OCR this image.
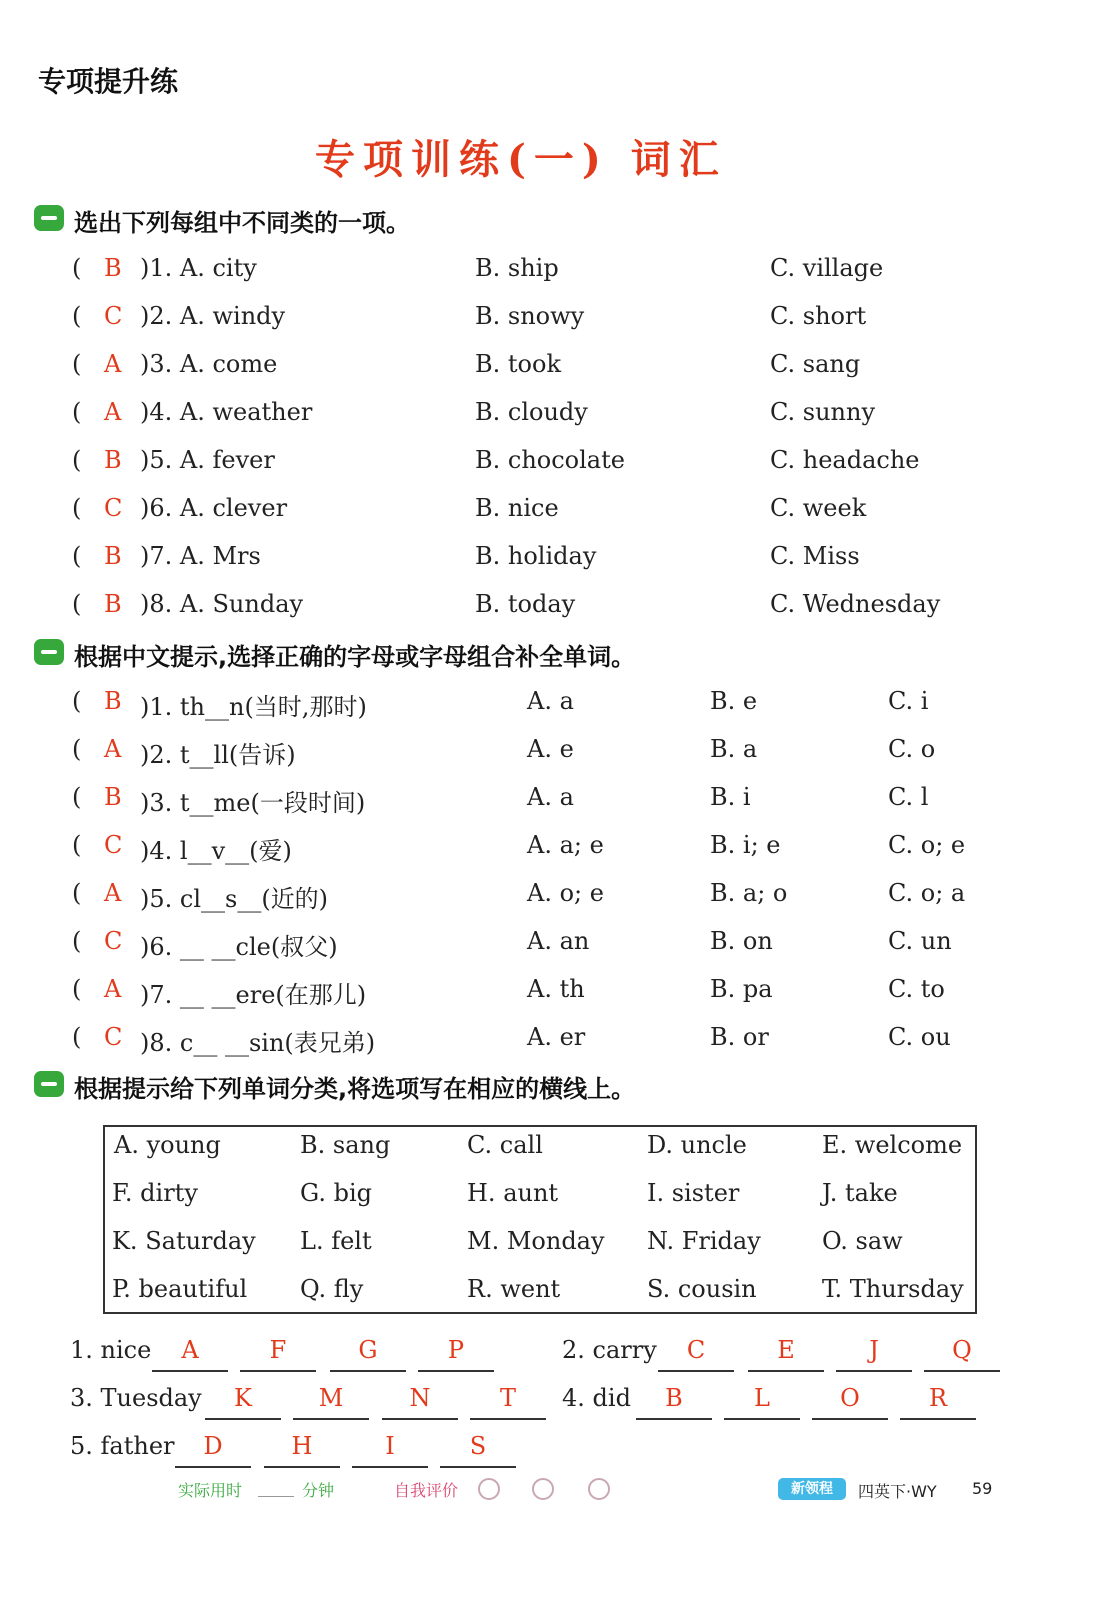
专项提升练
专项训练(一) 词汇
选出下列每组中不同类的一项。
( B )1. A. city	B. ship	C. village
( C )2. A. windy	B. snowy	C. short
( A )3. A. come	B. took	C. sang
( A )4. A. weather	B. cloudy	C. sunny
( B )5. A. fever	B. chocolate	C. headache
( C )6. A. clever	B. nice	C. week
( B )7. A. Mrs	B. holiday	C. Miss
( B )8. A. Sunday	B. today	C. Wednesday
根据中文提示,选择正确的字母或字母组合补全单词。
( B )1. th__n(当时,那时)	A. a	B. e	C. i
( A )2. t__ll(告诉)	A. e	B. a	C. o
( B )3. t__me(一段时间)	A. a	B. i	C. l
( C )4. l__v__(爱)	A. a; e	B. i; e	C. o; e
( A )5. cl__s__(近的)	A. o; e	B. a; o	C. o; a
( C )6. __ __cle(叔父)	A. an	B. on	C. un
( A )7. __ __ere(在那儿)	A. th	B. pa	C. to
( C )8. c__ __sin(表兄弟)	A. er	B. or	C. ou
根据提示给下列单词分类,将选项写在相应的横线上。
A. young	B. sang	C. call	D. uncle	E. welcome
F. dirty	G. big	H. aunt	I. sister	J. take
K. Saturday L. felt	M. Monday N. Friday	O. saw
P. beautiful Q. fly	R. went	S. cousin	T. Thursday
1. nice	A	F	G	P	2. carry	C	E	J	Q
3. Tuesday	K	M	N	T	4. did	B	L	O	R
5. father	D	H	I	S
实际用时	分钟	自我评价	新领程	四英下·WY 59
